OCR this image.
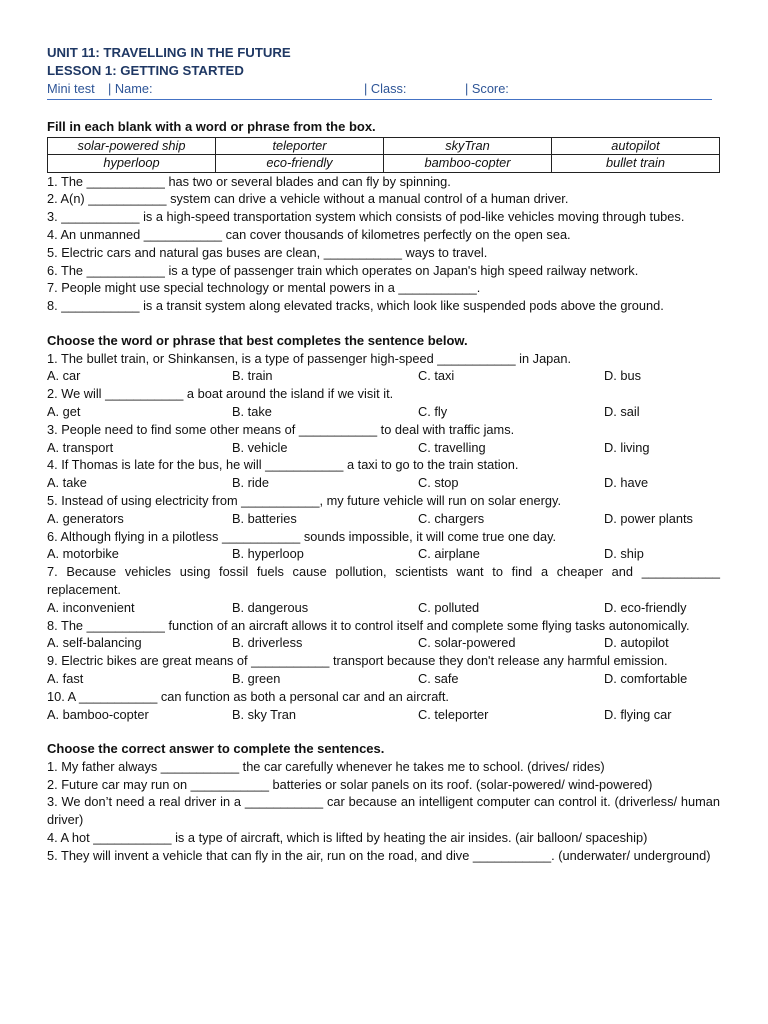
UNIT 11: TRAVELLING IN THE FUTURE
LESSON 1: GETTING STARTED
Mini test | Name:	| Class:	| Score:
Fill in each blank with a word or phrase from the box.
solar-powered ship	teleporter	skyTran	autopilot
hyperloop	eco-friendly	bamboo-copter	bullet train

1. The ___________ has two or several blades and can fly by spinning.

2. A(n) ___________ system can drive a vehicle without a manual control of a human driver.

3. ___________ is a high-speed transportation system which consists of pod-like vehicles moving through tubes.

4. An unmanned ___________ can cover thousands of kilometres perfectly on the open sea.

5. Electric cars and natural gas buses are clean, ___________ ways to travel.

6. The ___________ is a type of passenger train which operates on Japan's high speed railway network.

7. People might use special technology or mental powers in a ___________.

8. ___________ is a transit system along elevated tracks, which look like suspended pods above the ground.

Choose the word or phrase that best completes the sentence below.

1. The bullet train, or Shinkansen, is a type of passenger high-speed ___________ in Japan.

A. car	B. train	C. taxi	D. bus

2. We will ___________ a boat around the island if we visit it.

A. get	B. take	C. fly	D. sail

3. People need to find some other means of ___________ to deal with traffic jams.

A. transport	B. vehicle	C. travelling	D. living

4. If Thomas is late for the bus, he will ___________ a taxi to go to the train station.

A. take	B. ride	C. stop	D. have

5. Instead of using electricity from ___________, my future vehicle will run on solar energy.

A. generators	B. batteries	C. chargers	D. power plants

6. Although flying in a pilotless ___________ sounds impossible, it will come true one day.

A. motorbike	B. hyperloop	C. airplane	D. ship

7. Because vehicles using fossil fuels cause pollution, scientists want to find a cheaper and ___________ replacement.

A. inconvenient	B. dangerous	C. polluted	D. eco-friendly

8. The ___________ function of an aircraft allows it to control itself and complete some flying tasks autonomically.

A. self-balancing	B. driverless	C. solar-powered	D. autopilot

9. Electric bikes are great means of ___________ transport because they don't release any harmful emission.

A. fast	B. green	C. safe	D. comfortable

10. A ___________ can function as both a personal car and an aircraft.

A. bamboo-copter	B. sky Tran	C. teleporter	D. flying car
Choose the correct answer to complete the sentences.

1. My father always ___________ the car carefully whenever he takes me to school. (drives/ rides)

2. Future car may run on ___________ batteries or solar panels on its roof. (solar-powered/ wind-powered)

3. We don’t need a real driver in a ___________ car because an intelligent computer can control it. (driverless/ human driver)

4. A hot ___________ is a type of aircraft, which is lifted by heating the air insides. (air balloon/ spaceship)

5. They will invent a vehicle that can fly in the air, run on the road, and dive ___________. (underwater/ underground)
